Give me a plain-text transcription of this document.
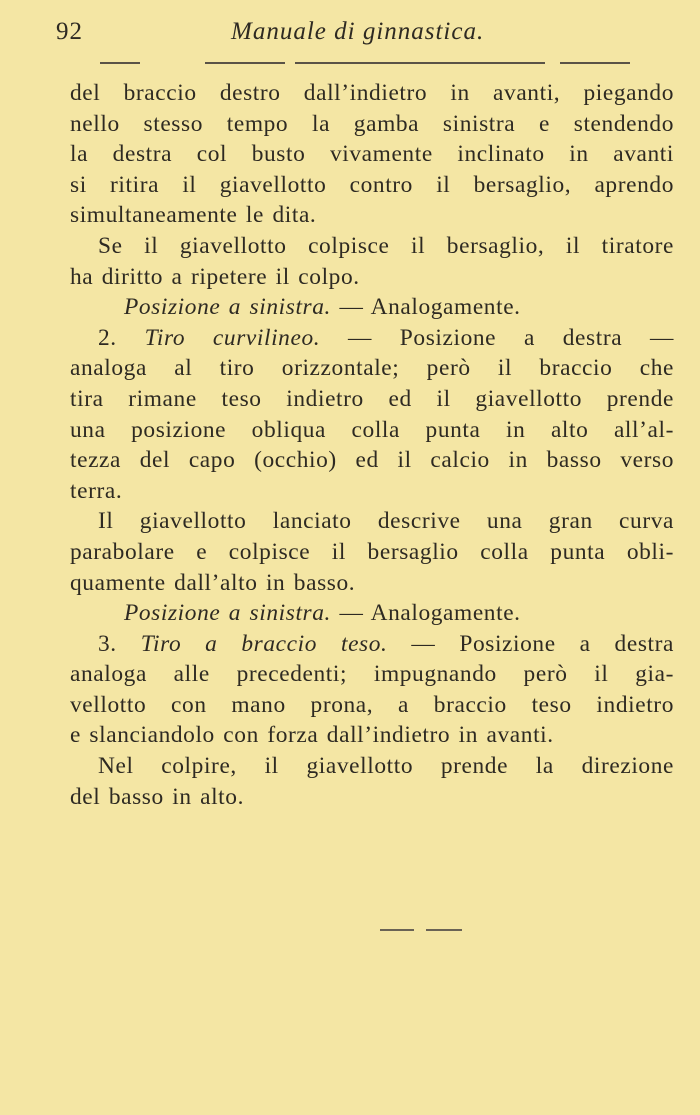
92	Manuale di ginnastica.

del braccio destro dall’indietro in avanti, piegando
nello stesso tempo la gamba sinistra e stendendo
la destra col busto vivamente inclinato in avanti
si ritira il giavellotto contro il bersaglio, aprendo
simultaneamente le dita.

Se il giavellotto colpisce il bersaglio, il tiratore
ha diritto a ripetere il colpo.

Posizione a sinistra. — Analogamente.

2. Tiro curvilineo. — Posizione a destra —
analoga al tiro orizzontale; però il braccio che
tira rimane teso indietro ed il giavellotto prende
una posizione obliqua colla punta in alto all’al-
tezza del capo (occhio) ed il calcio in basso verso
terra.

Il giavellotto lanciato descrive una gran curva
parabolare e colpisce il bersaglio colla punta obli-
quamente dall’alto in basso.

Posizione a sinistra. — Analogamente.

3. Tiro a braccio teso. — Posizione a destra
analoga alle precedenti; impugnando però il gia-
vellotto con mano prona, a braccio teso indietro
e slanciandolo con forza dall’indietro in avanti.

Nel colpire, il giavellotto prende la direzione
del basso in alto.
